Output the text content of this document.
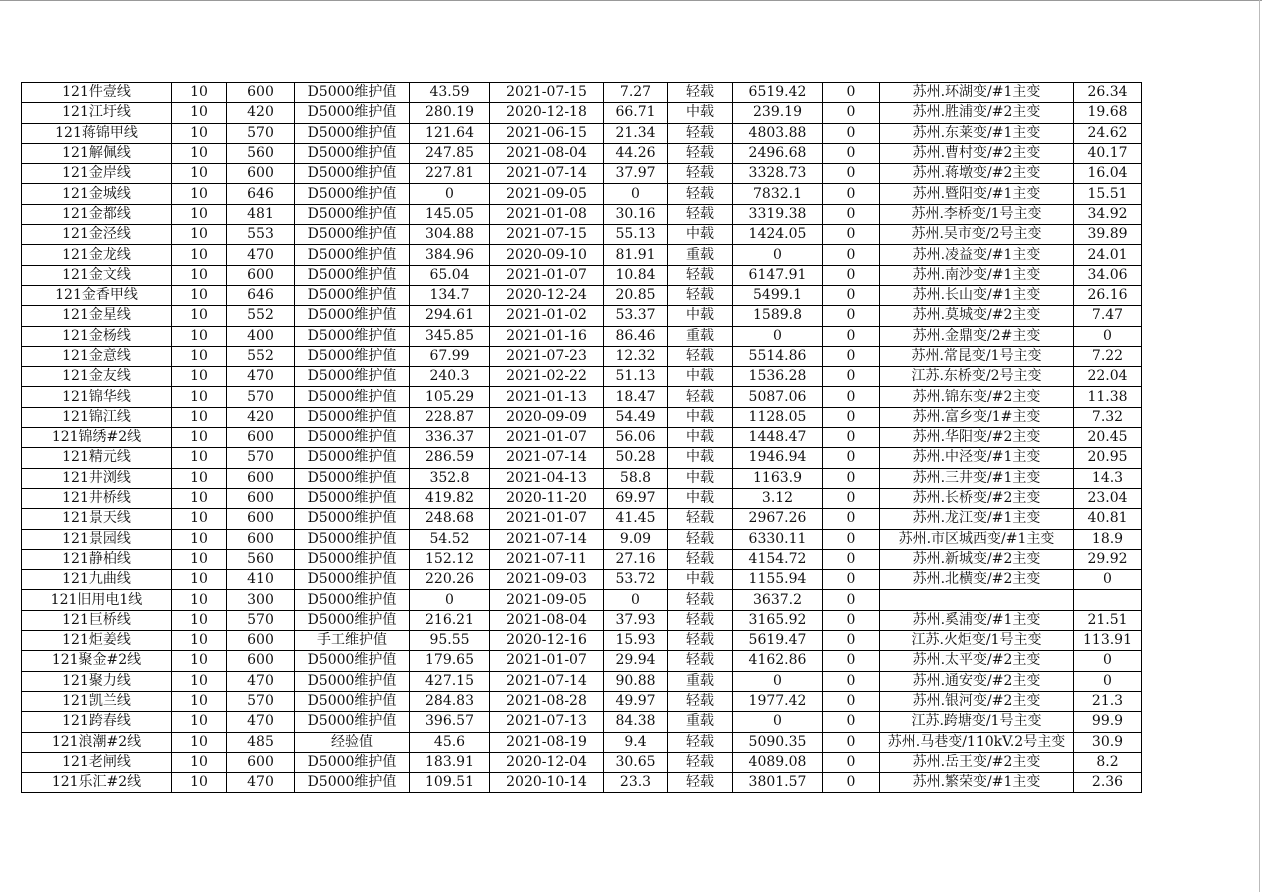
121件壹线	10	600	D5000维护值	43.59	2021-07-15	7.27	轻载	6519.42	0	苏州.环湖变/#1主变	26.34
121江圩线	10	420	D5000维护值	280.19	2020-12-18	66.71	中载	239.19	0	苏州.胜浦变/#2主变	19.68
121蒋锦甲线	10	570	D5000维护值	121.64	2021-06-15	21.34	轻载	4803.88	0	苏州.东莱变/#1主变	24.62
121解佩线	10	560	D5000维护值	247.85	2021-08-04	44.26	轻载	2496.68	0	苏州.曹村变/#2主变	40.17
121金岸线	10	600	D5000维护值	227.81	2021-07-14	37.97	轻载	3328.73	0	苏州.蒋墩变/#2主变	16.04
121金城线	10	646	D5000维护值	0	2021-09-05	0	轻载	7832.1	0	苏州.暨阳变/#1主变	15.51
121金都线	10	481	D5000维护值	145.05	2021-01-08	30.16	轻载	3319.38	0	苏州.李桥变/1号主变	34.92
121金泾线	10	553	D5000维护值	304.88	2021-07-15	55.13	中载	1424.05	0	苏州.吴市变/2号主变	39.89
121金龙线	10	470	D5000维护值	384.96	2020-09-10	81.91	重载	0	0	苏州.凌益变/#1主变	24.01
121金文线	10	600	D5000维护值	65.04	2021-01-07	10.84	轻载	6147.91	0	苏州.南沙变/#1主变	34.06
121金香甲线	10	646	D5000维护值	134.7	2020-12-24	20.85	轻载	5499.1	0	苏州.长山变/#1主变	26.16
121金星线	10	552	D5000维护值	294.61	2021-01-02	53.37	中载	1589.8	0	苏州.莫城变/#2主变	7.47
121金杨线	10	400	D5000维护值	345.85	2021-01-16	86.46	重载	0	0	苏州.金鼎变/2#主变	0
121金意线	10	552	D5000维护值	67.99	2021-07-23	12.32	轻载	5514.86	0	苏州.常昆变/1号主变	7.22
121金友线	10	470	D5000维护值	240.3	2021-02-22	51.13	中载	1536.28	0	江苏.东桥变/2号主变	22.04
121锦华线	10	570	D5000维护值	105.29	2021-01-13	18.47	轻载	5087.06	0	苏州.锦东变/#2主变	11.38
121锦江线	10	420	D5000维护值	228.87	2020-09-09	54.49	中载	1128.05	0	苏州.富乡变/1#主变	7.32
121锦绣#2线	10	600	D5000维护值	336.37	2021-01-07	56.06	中载	1448.47	0	苏州.华阳变/#2主变	20.45
121精元线	10	570	D5000维护值	286.59	2021-07-14	50.28	中载	1946.94	0	苏州.中泾变/#1主变	20.95
121井浏线	10	600	D5000维护值	352.8	2021-04-13	58.8	中载	1163.9	0	苏州.三井变/#1主变	14.3
121井桥线	10	600	D5000维护值	419.82	2020-11-20	69.97	中载	3.12	0	苏州.长桥变/#2主变	23.04
121景天线	10	600	D5000维护值	248.68	2021-01-07	41.45	轻载	2967.26	0	苏州.龙江变/#1主变	40.81
121景园线	10	600	D5000维护值	54.52	2021-07-14	9.09	轻载	6330.11	0	苏州.市区城西变/#1主变	18.9
121静柏线	10	560	D5000维护值	152.12	2021-07-11	27.16	轻载	4154.72	0	苏州.新城变/#2主变	29.92
121九曲线	10	410	D5000维护值	220.26	2021-09-03	53.72	中载	1155.94	0	苏州.北横变/#2主变	0
121旧用电1线	10	300	D5000维护值	0	2021-09-05	0	轻载	3637.2	0		
121巨桥线	10	570	D5000维护值	216.21	2021-08-04	37.93	轻载	3165.92	0	苏州.奚浦变/#1主变	21.51
121炬姜线	10	600	手工维护值	95.55	2020-12-16	15.93	轻载	5619.47	0	江苏.火炬变/1号主变	113.91
121聚金#2线	10	600	D5000维护值	179.65	2021-01-07	29.94	轻载	4162.86	0	苏州.太平变/#2主变	0
121聚力线	10	470	D5000维护值	427.15	2021-07-14	90.88	重载	0	0	苏州.通安变/#2主变	0
121凯兰线	10	570	D5000维护值	284.83	2021-08-28	49.97	轻载	1977.42	0	苏州.银河变/#2主变	21.3
121跨春线	10	470	D5000维护值	396.57	2021-07-13	84.38	重载	0	0	江苏.跨塘变/1号主变	99.9
121浪潮#2线	10	485	经验值	45.6	2021-08-19	9.4	轻载	5090.35	0	苏州.马巷变/110kV.2号主变	30.9
121老闸线	10	600	D5000维护值	183.91	2020-12-04	30.65	轻载	4089.08	0	苏州.岳王变/#2主变	8.2
121乐汇#2线	10	470	D5000维护值	109.51	2020-10-14	23.3	轻载	3801.57	0	苏州.繁荣变/#1主变	2.36
